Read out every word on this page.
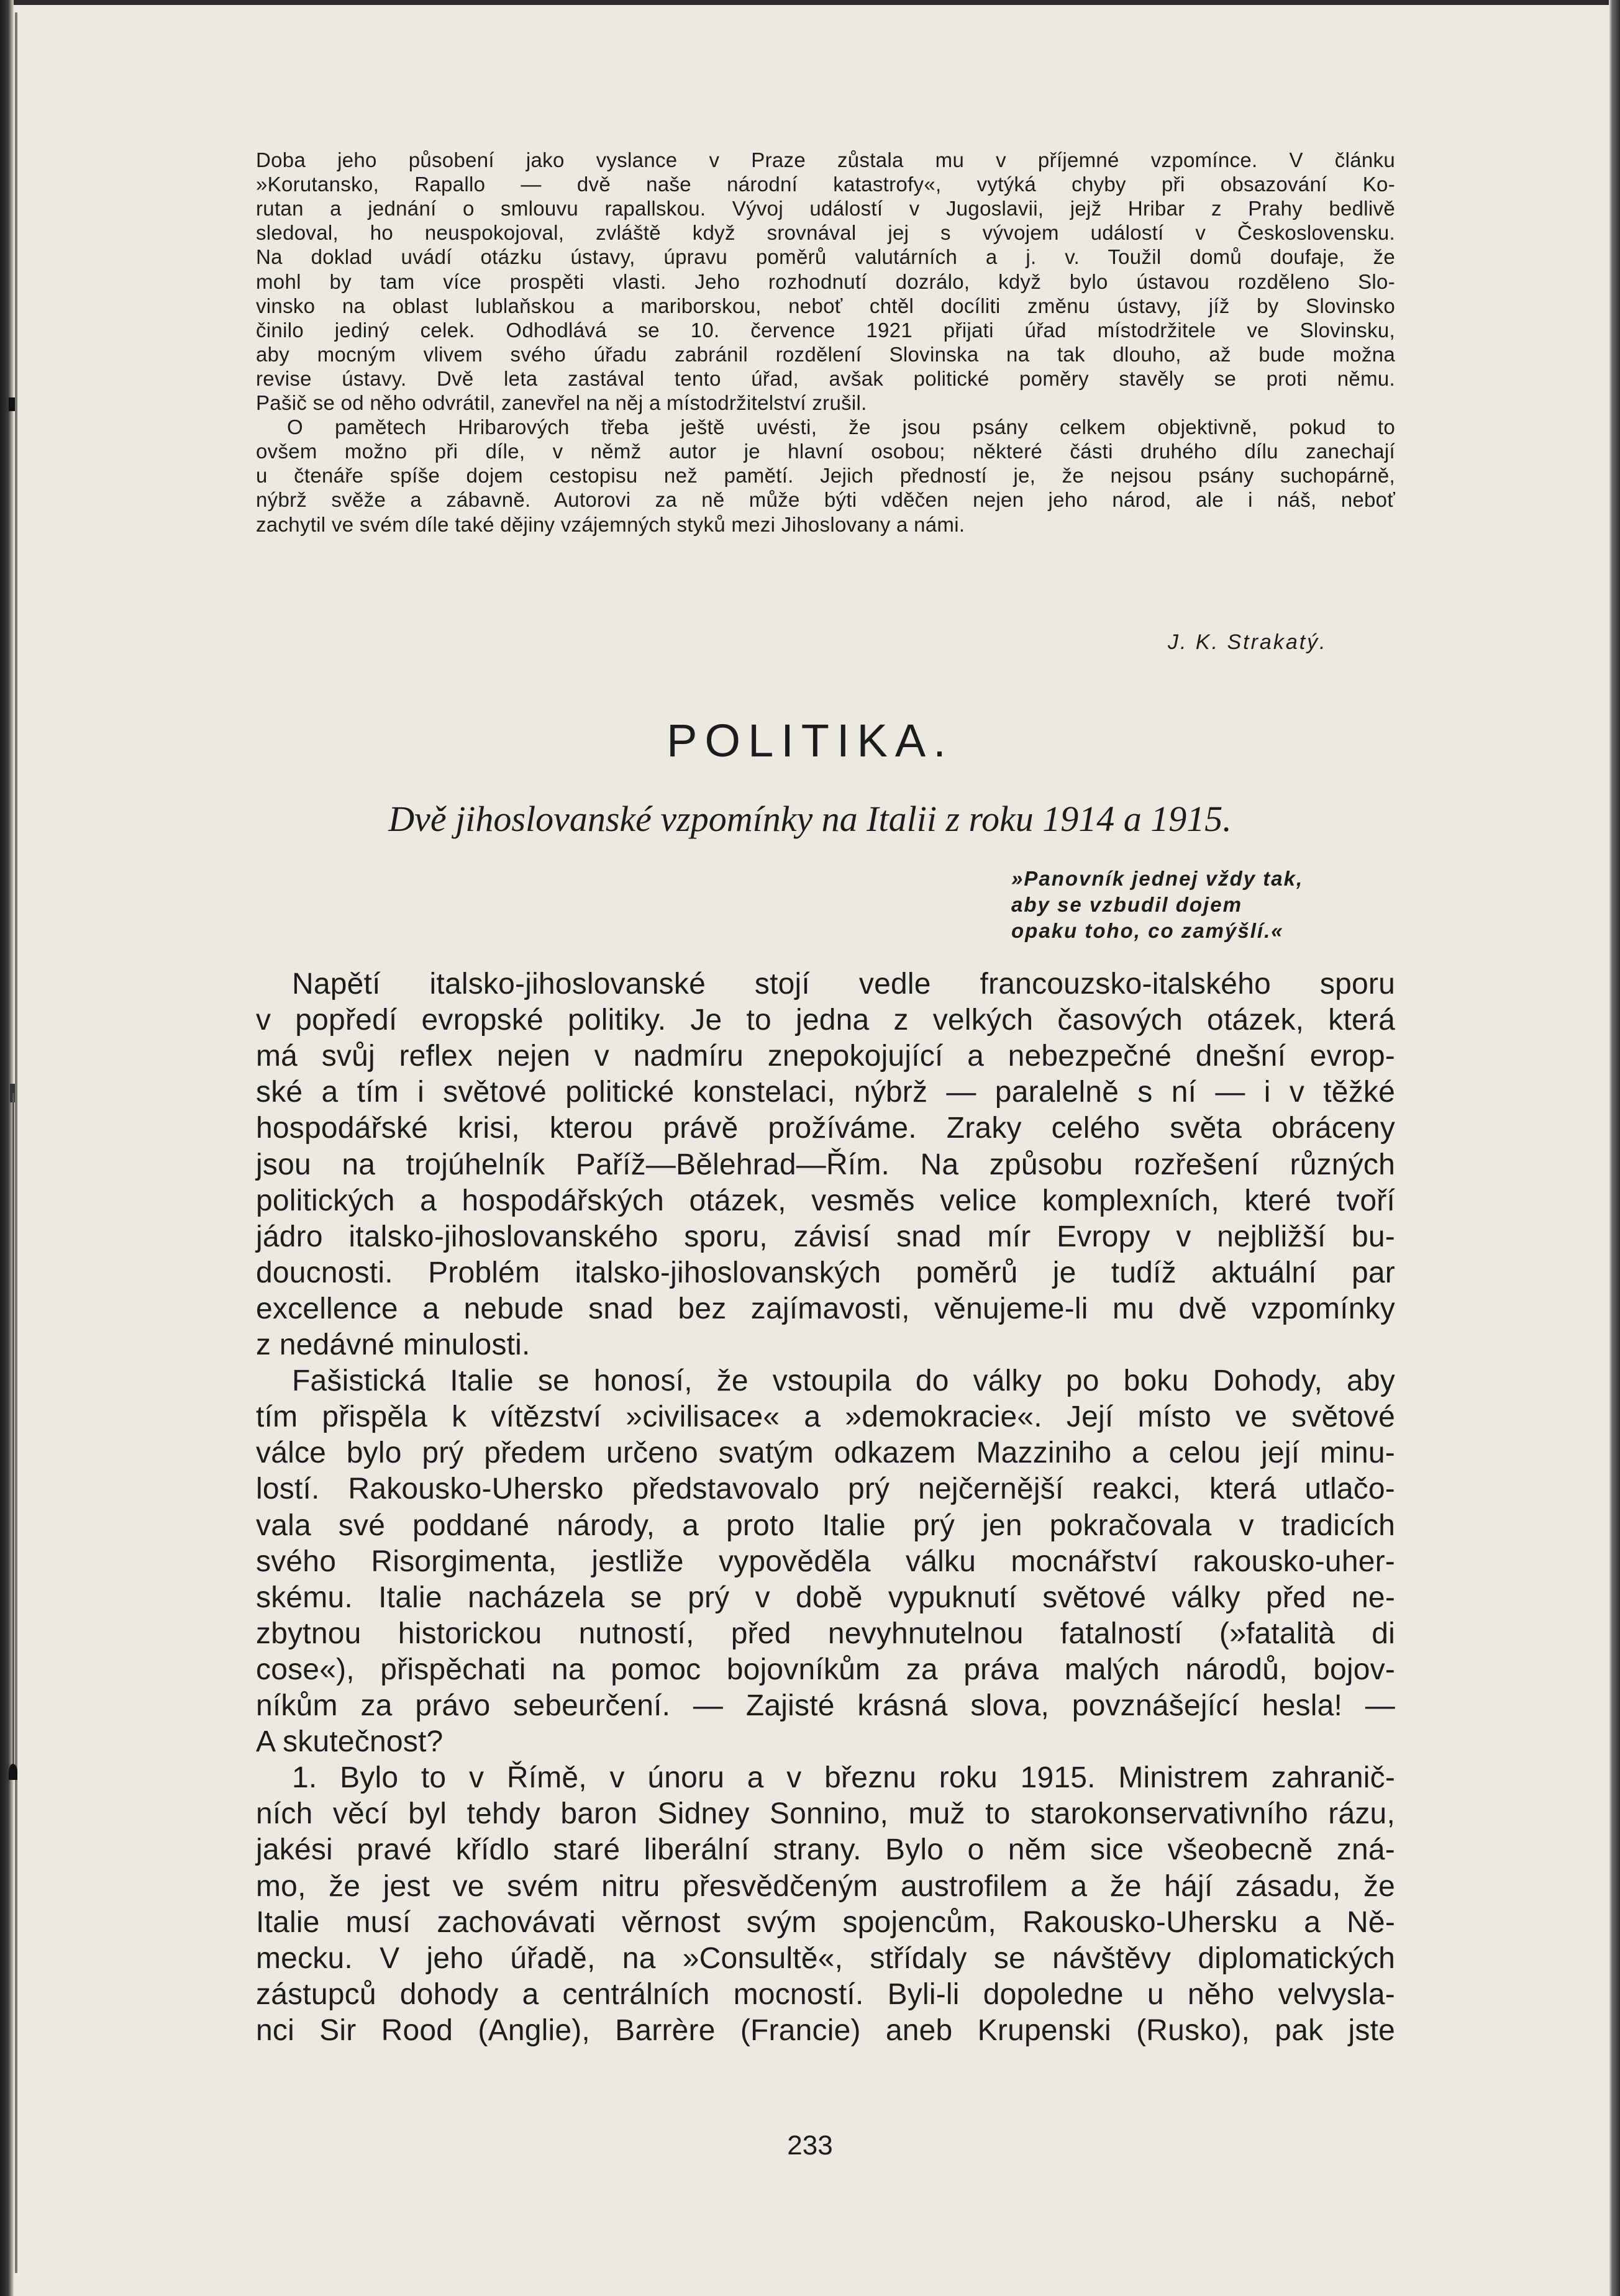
Doba jeho působení jako vyslance v Praze zůstala mu v příjemné vzpomínce. V článku
»Korutansko, Rapallo — dvě naše národní katastrofy«, vytýká chyby při obsazování Ko-
rutan a jednání o smlouvu rapallskou. Vývoj událostí v Jugoslavii, jejž Hribar z Prahy bedlivě
sledoval, ho neuspokojoval, zvláště když srovnával jej s vývojem událostí v Československu.
Na doklad uvádí otázku ústavy, úpravu poměrů valutárních a j. v. Toužil domů doufaje, že
mohl by tam více prospěti vlasti. Jeho rozhodnutí dozrálo, když bylo ústavou rozděleno Slo-
vinsko na oblast lublaňskou a mariborskou, neboť chtěl docíliti změnu ústavy, jíž by Slovinsko
činilo jediný celek. Odhodlává se 10. července 1921 přijati úřad místodržitele ve Slovinsku,
aby mocným vlivem svého úřadu zabránil rozdělení Slovinska na tak dlouho, až bude možna
revise ústavy. Dvě leta zastával tento úřad, avšak politické poměry stavěly se proti němu.
Pašič se od něho odvrátil, zanevřel na něj a místodržitelství zrušil.
O pamětech Hribarových třeba ještě uvésti, že jsou psány celkem objektivně, pokud to
ovšem možno při díle, v němž autor je hlavní osobou; některé části druhého dílu zanechají
u čtenáře spíše dojem cestopisu než pamětí. Jejich předností je, že nejsou psány suchopárně,
nýbrž svěže a zábavně. Autorovi za ně může býti vděčen nejen jeho národ, ale i náš, neboť
zachytil ve svém díle také dějiny vzájemných styků mezi Jihoslovany a námi.
J. K. Strakatý.
POLITIKA.
Dvě jihoslovanské vzpomínky na Italii z roku 1914 a 1915.
»Panovník jednej vždy tak,
aby se vzbudil dojem
opaku toho, co zamýšlí.«
Napětí italsko-jihoslovanské stojí vedle francouzsko-italského sporu
v popředí evropské politiky. Je to jedna z velkých časových otázek, která
má svůj reflex nejen v nadmíru znepokojující a nebezpečné dnešní evrop-
ské a tím i světové politické konstelaci, nýbrž — paralelně s ní — i v těžké
hospodářské krisi, kterou právě prožíváme. Zraky celého světa obráceny
jsou na trojúhelník Paříž—Bělehrad—Řím. Na způsobu rozřešení různých
politických a hospodářských otázek, vesměs velice komplexních, které tvoří
jádro italsko-jihoslovanského sporu, závisí snad mír Evropy v nejbližší bu-
doucnosti. Problém italsko-jihoslovanských poměrů je tudíž aktuální par
excellence a nebude snad bez zajímavosti, věnujeme-li mu dvě vzpomínky
z nedávné minulosti.
Fašistická Italie se honosí, že vstoupila do války po boku Dohody, aby
tím přispěla k vítězství »civilisace« a »demokracie«. Její místo ve světové
válce bylo prý předem určeno svatým odkazem Mazziniho a celou její minu-
lostí. Rakousko-Uhersko představovalo prý nejčernější reakci, která utlačo-
vala své poddané národy, a proto Italie prý jen pokračovala v tradicích
svého Risorgimenta, jestliže vypověděla válku mocnářství rakousko-uher-
skému. Italie nacházela se prý v době vypuknutí světové války před ne-
zbytnou historickou nutností, před nevyhnutelnou fatalností (»fatalità di
cose«), přispěchati na pomoc bojovníkům za práva malých národů, bojov-
níkům za právo sebeurčení. — Zajisté krásná slova, povznášející hesla! —
A skutečnost?
1. Bylo to v Římě, v únoru a v březnu roku 1915. Ministrem zahranič-
ních věcí byl tehdy baron Sidney Sonnino, muž to starokonservativního rázu,
jakési pravé křídlo staré liberální strany. Bylo o něm sice všeobecně zná-
mo, že jest ve svém nitru přesvědčeným austrofilem a že hájí zásadu, že
Italie musí zachovávati věrnost svým spojencům, Rakousko-Uhersku a Ně-
mecku. V jeho úřadě, na »Consultě«, střídaly se návštěvy diplomatických
zástupců dohody a centrálních mocností. Byli-li dopoledne u něho velvysla-
nci Sir Rood (Anglie), Barrère (Francie) aneb Krupenski (Rusko), pak jste
233
